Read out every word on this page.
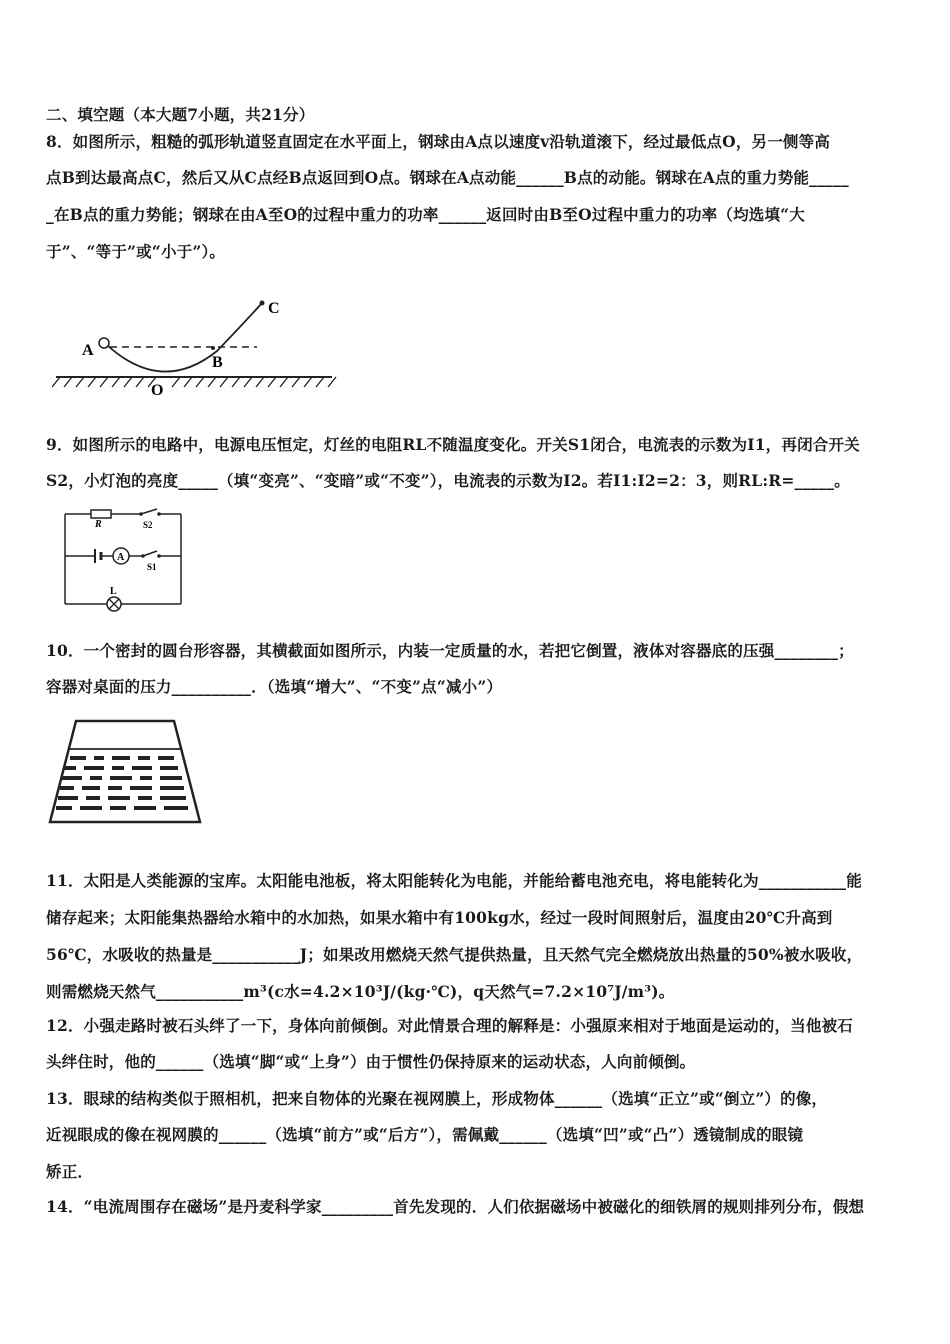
二、填空题（本大题7小题，共21分）
8．如图所示，粗糙的弧形轨道竖直固定在水平面上，钢球由A点以速度v沿轨道滚下，经过最低点O，另一侧等高
点B到达最高点C，然后又从C点经B点返回到O点。钢球在A点动能______B点的动能。钢球在A点的重力势能_____
_在B点的重力势能；钢球在由A至O的过程中重力的功率______返回时由B至O过程中重力的功率（均选填“大
于”、“等于”或“小于”）。
A
B
C
O
9．如图所示的电路中，电源电压恒定，灯丝的电阻RL不随温度变化。开关S1闭合，电流表的示数为I1，再闭合开关
S2，小灯泡的亮度_____（填“变亮”、“变暗”或“不变”），电流表的示数为I2。若I1:I2=2：3，则RL:R=_____。
A
R	S2
S1
L
10．一个密封的圆台形容器，其横截面如图所示，内装一定质量的水，若把它倒置，液体对容器底的压强________；
容器对桌面的压力__________．（选填“增大”、“不变”点“减小”）
11．太阳是人类能源的宝库。太阳能电池板，将太阳能转化为电能，并能给蓄电池充电，将电能转化为___________能
储存起来；太阳能集热器给水箱中的水加热，如果水箱中有100kg水，经过一段时间照射后，温度由20℃升高到
56℃，水吸收的热量是___________J；如果改用燃烧天然气提供热量，且天然气完全燃烧放出热量的50%被水吸收，
则需燃烧天然气___________m³(c水=4.2×10³J/(kg·℃)，q天然气=7.2×10⁷J/m³)。
12．小强走路时被石头绊了一下，身体向前倾倒。对此情景合理的解释是：小强原来相对于地面是运动的，当他被石
头绊住时，他的______（选填“脚“或“上身”）由于惯性仍保持原来的运动状态，人向前倾倒。
13．眼球的结构类似于照相机，把来自物体的光聚在视网膜上，形成物体______（选填“正立”或“倒立”）的像，
近视眼成的像在视网膜的______（选填“前方”或“后方”），需佩戴______（选填“凹”或“凸”）透镜制成的眼镜
矫正．
14．“电流周围存在磁场”是丹麦科学家_________首先发现的．人们依据磁场中被磁化的细铁屑的规则排列分布，假想
